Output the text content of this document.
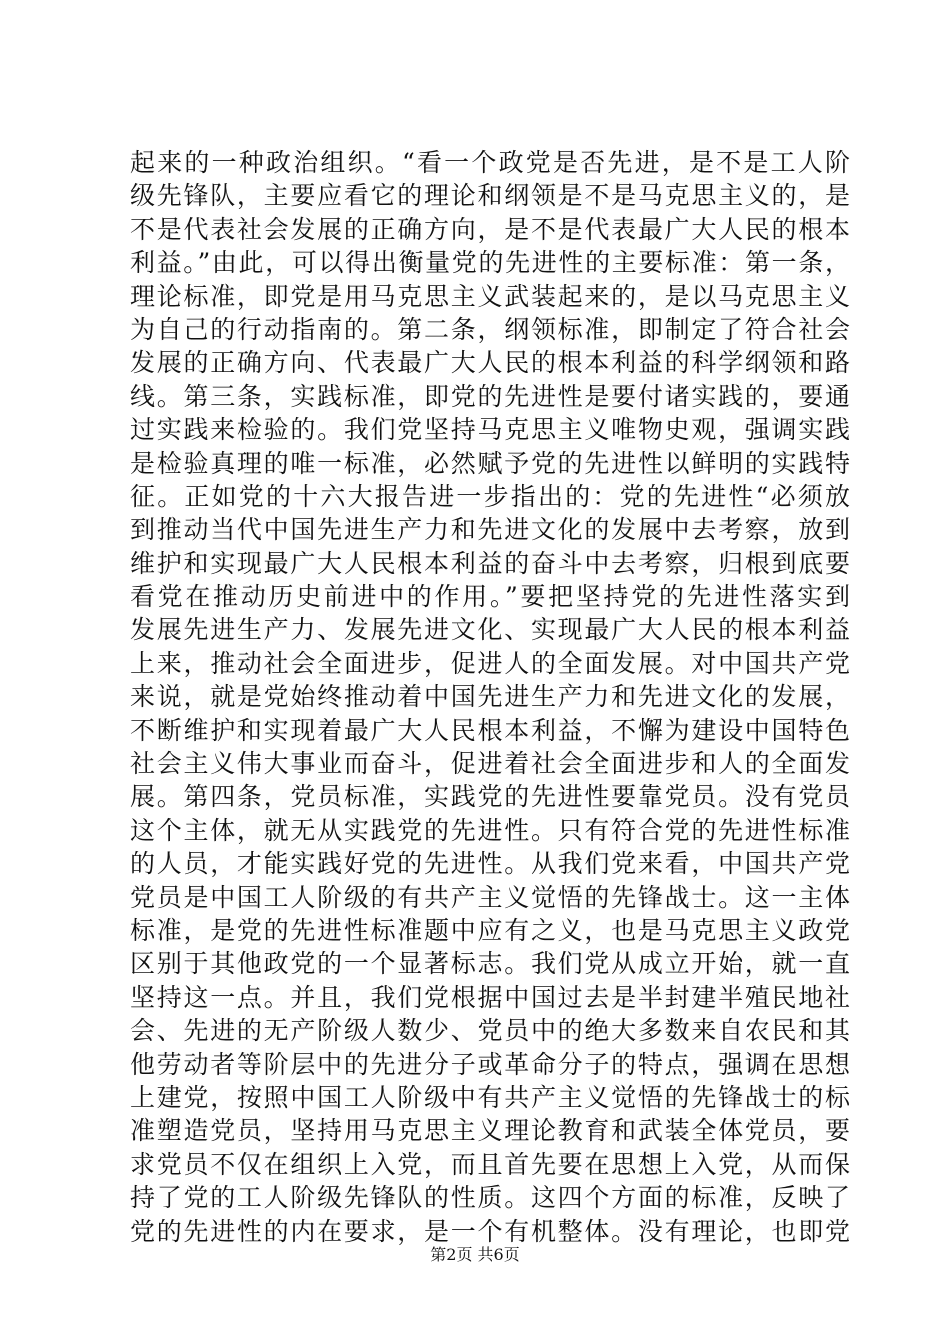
起来的一种政治组织。“看一个政党是否先进，是不是工人阶
级先锋队，主要应看它的理论和纲领是不是马克思主义的，是
不是代表社会发展的正确方向，是不是代表最广大人民的根本
利益。”由此，可以得出衡量党的先进性的主要标准：第一条，
理论标准，即党是用马克思主义武装起来的，是以马克思主义
为自己的行动指南的。第二条，纲领标准，即制定了符合社会
发展的正确方向、代表最广大人民的根本利益的科学纲领和路
线。第三条，实践标准，即党的先进性是要付诸实践的，要通
过实践来检验的。我们党坚持马克思主义唯物史观，强调实践
是检验真理的唯一标准，必然赋予党的先进性以鲜明的实践特
征。正如党的十六大报告进一步指出的：党的先进性“必须放
到推动当代中国先进生产力和先进文化的发展中去考察，放到
维护和实现最广大人民根本利益的奋斗中去考察，归根到底要
看党在推动历史前进中的作用。”要把坚持党的先进性落实到
发展先进生产力、发展先进文化、实现最广大人民的根本利益
上来，推动社会全面进步，促进人的全面发展。对中国共产党
来说，就是党始终推动着中国先进生产力和先进文化的发展，
不断维护和实现着最广大人民根本利益，不懈为建设中国特色
社会主义伟大事业而奋斗，促进着社会全面进步和人的全面发
展。第四条，党员标准，实践党的先进性要靠党员。没有党员
这个主体，就无从实践党的先进性。只有符合党的先进性标准
的人员，才能实践好党的先进性。从我们党来看，中国共产党
党员是中国工人阶级的有共产主义觉悟的先锋战士。这一主体
标准，是党的先进性标准题中应有之义，也是马克思主义政党
区别于其他政党的一个显著标志。我们党从成立开始，就一直
坚持这一点。并且，我们党根据中国过去是半封建半殖民地社
会、先进的无产阶级人数少、党员中的绝大多数来自农民和其
他劳动者等阶层中的先进分子或革命分子的特点，强调在思想
上建党，按照中国工人阶级中有共产主义觉悟的先锋战士的标
准塑造党员，坚持用马克思主义理论教育和武装全体党员，要
求党员不仅在组织上入党，而且首先要在思想上入党，从而保
持了党的工人阶级先锋队的性质。这四个方面的标准，反映了
党的先进性的内在要求，是一个有机整体。没有理论，也即党
第2页 共6页
